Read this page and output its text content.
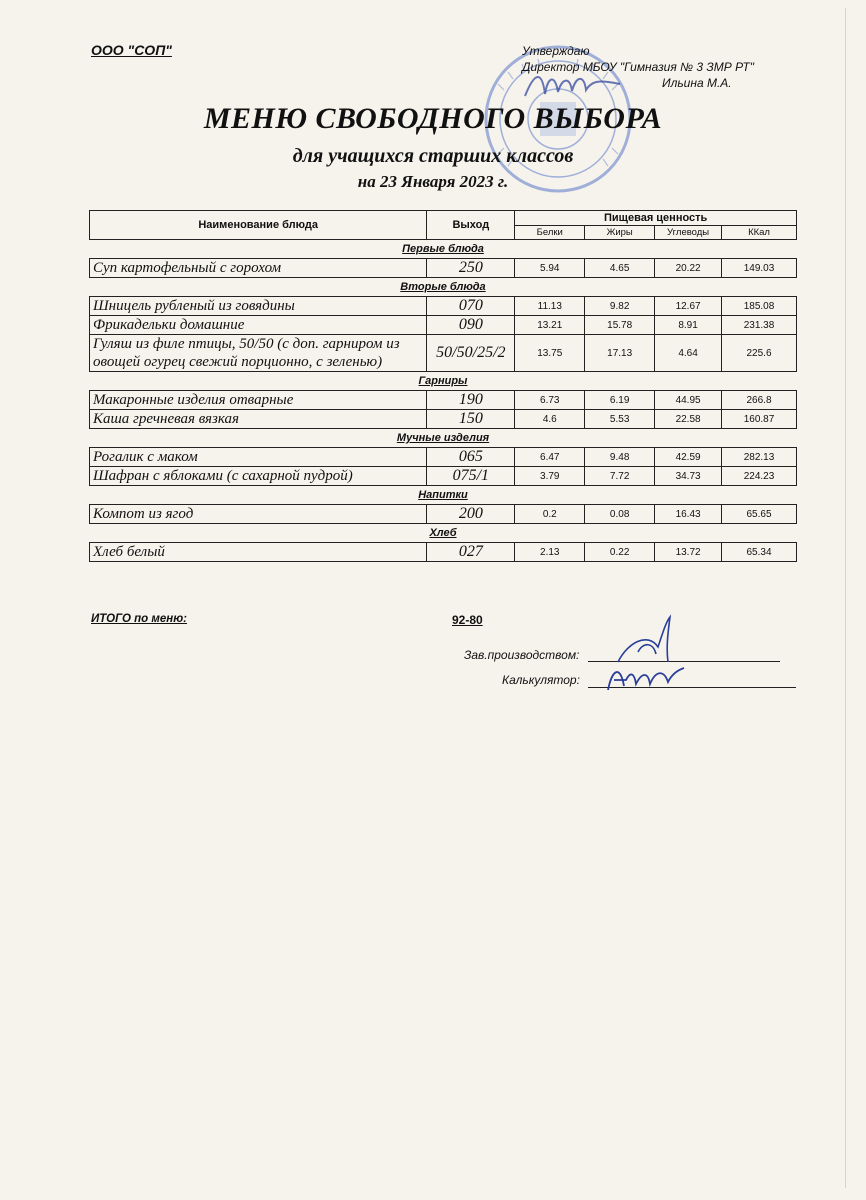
ООО "СОП"	Утверждаю
Директор МБОУ "Гимназия № 3 ЗМР РТ"
Ильина М.А.
МЕНЮ СВОБОДНОГО ВЫБОРА
для учащихся старших классов
на 23 Января 2023 г.
Наименование блюда	Выход	Пищевая ценность			
		Белки	Жиры	Углеводы	ККал
Первые блюда					
Суп картофельный с горохом	250	5.94	4.65	20.22	149.03
Вторые блюда					
Шницель рубленый из говядины	070	11.13	9.82	12.67	185.08
Фрикадельки домашние	090	13.21	15.78	8.91	231.38
Гуляш из филе птицы, 50/50 (с доп. гарниром из овощей огурец свежий порционно, с зеленью)	50/50/25/2	13.75	17.13	4.64	225.6
Гарниры					
Макаронные изделия отварные	190	6.73	6.19	44.95	266.8
Каша гречневая вязкая	150	4.6	5.53	22.58	160.87
Мучные изделия					
Рогалик с маком	065	6.47	9.48	42.59	282.13
Шафран с яблоками (с сахарной пудрой)	075/1	3.79	7.72	34.73	224.23
Напитки					
Компот из ягод	200	0.2	0.08	16.43	65.65
Хлеб					
Хлеб белый	027	2.13	0.22	13.72	65.34
ИТОГО по меню:	92-80
Зав.производством:
Калькулятор:
